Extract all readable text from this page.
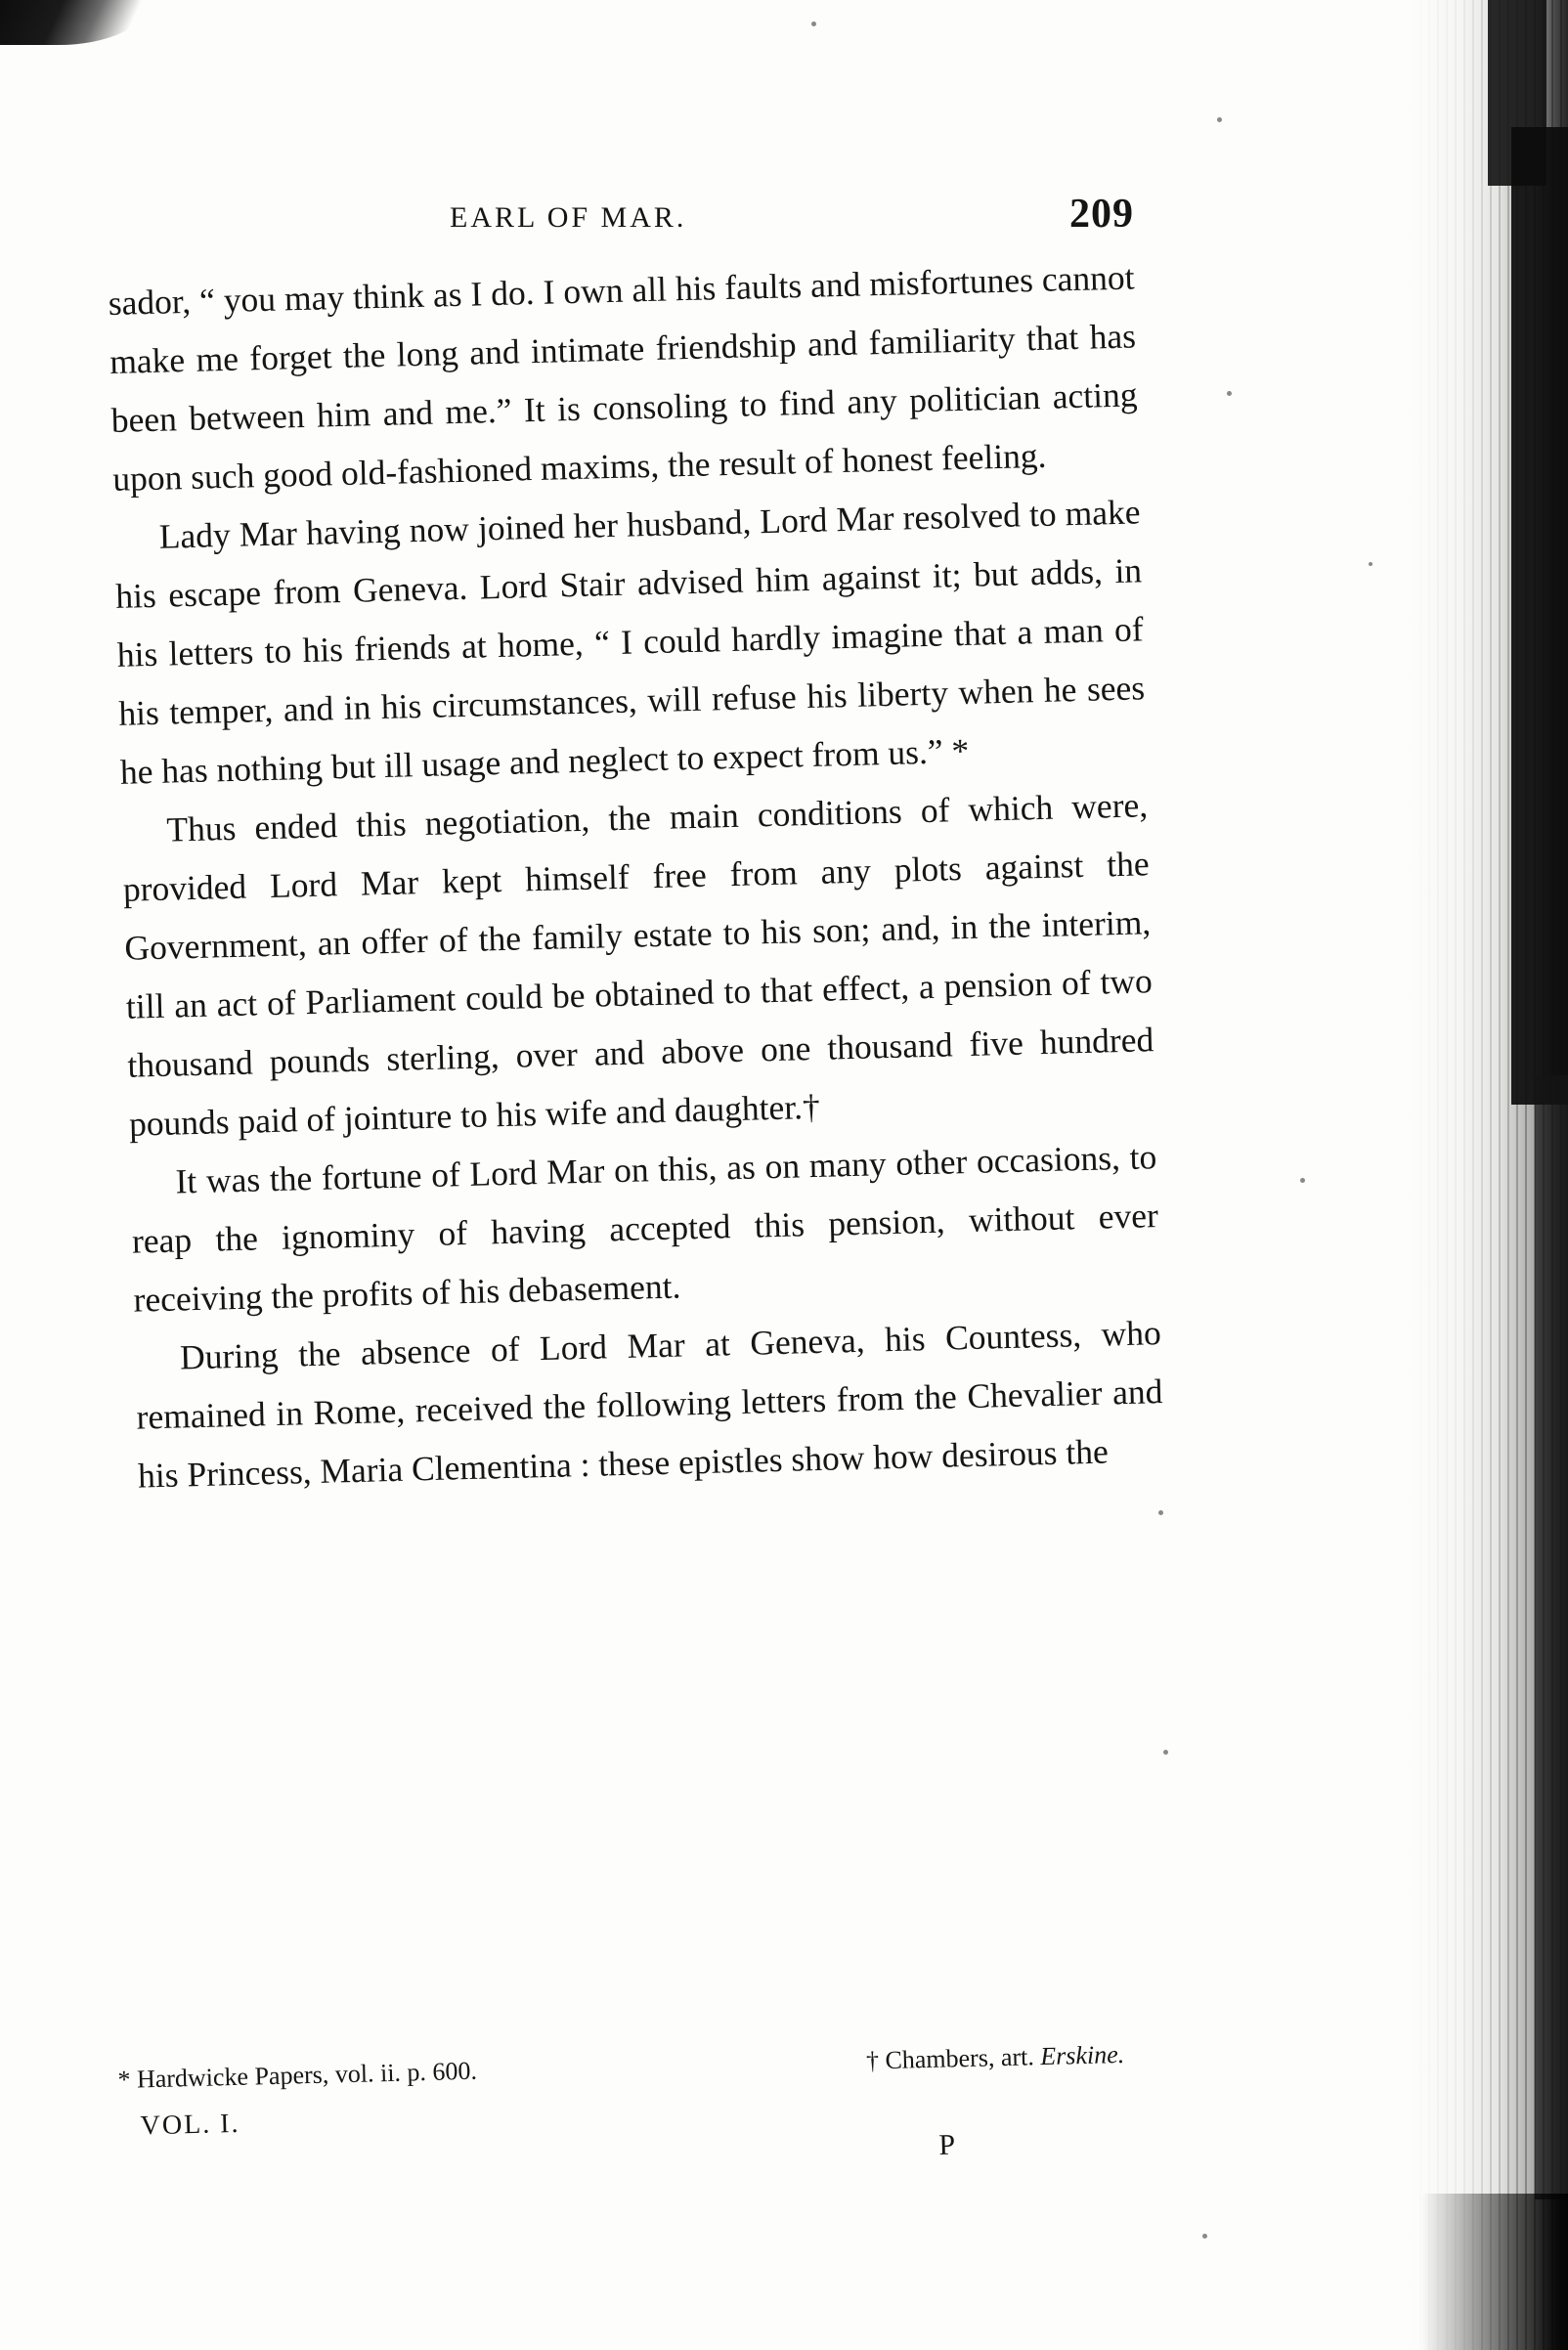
EARL OF MAR.	209

sador, “ you may think as I do. I own all his faults and misfortunes cannot make me forget the long and intimate friendship and familiarity that has been between him and me.” It is consoling to find any politician acting upon such good old-fashioned maxims, the result of honest feeling.

Lady Mar having now joined her husband, Lord Mar resolved to make his escape from Geneva. Lord Stair advised him against it; but adds, in his letters to his friends at home, “ I could hardly imagine that a man of his temper, and in his circumstances, will refuse his liberty when he sees he has nothing but ill usage and neglect to expect from us.” *

Thus ended this negotiation, the main conditions of which were, provided Lord Mar kept himself free from any plots against the Government, an offer of the family estate to his son; and, in the interim, till an act of Parliament could be obtained to that effect, a pension of two thousand pounds sterling, over and above one thousand five hundred pounds paid of jointure to his wife and daughter.†

It was the fortune of Lord Mar on this, as on many other occasions, to reap the ignominy of having accepted this pension, without ever receiving the profits of his debasement.

During the absence of Lord Mar at Geneva, his Countess, who remained in Rome, received the following letters from the Chevalier and his Princess, Maria Clementina : these epistles show how desirous the

* Hardwicke Papers, vol. ii. p. 600.	† Chambers, art. Erskine.
VOL. I.
P
